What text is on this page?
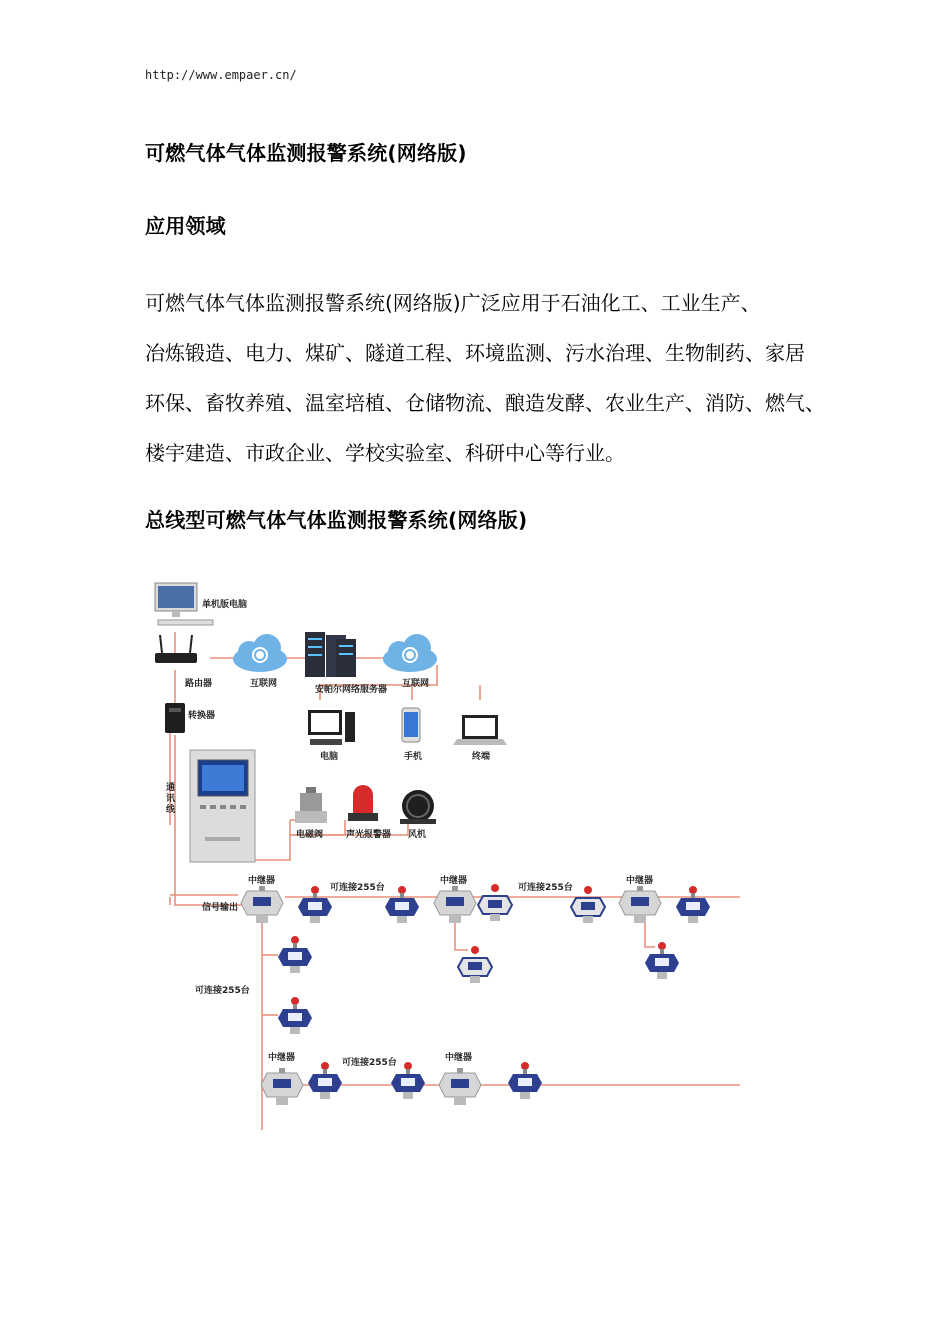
http://www.empaer.cn/
可燃气体气体监测报警系统(网络版)
应用领域
可燃气体气体监测报警系统(网络版)广泛应用于石油化工、工业生产、
冶炼锻造、电力、煤矿、隧道工程、环境监测、污水治理、生物制药、家居
环保、畜牧养殖、温室培植、仓储物流、酿造发酵、农业生产、消防、燃气、
楼宇建造、市政企业、学校实验室、科研中心等行业。
总线型可燃气体气体监测报警系统(网络版)
单机版电脑
路由器	互联网
安帕尔网络服务器
互联网
转换器
电脑	手机	终端
通
讯
线
电磁阀	声光报警器 风机
信号输出
中继器
可连接255台
中继器
可连接255台
中继器
可连接255台
中继器	可连接255台	中继器
